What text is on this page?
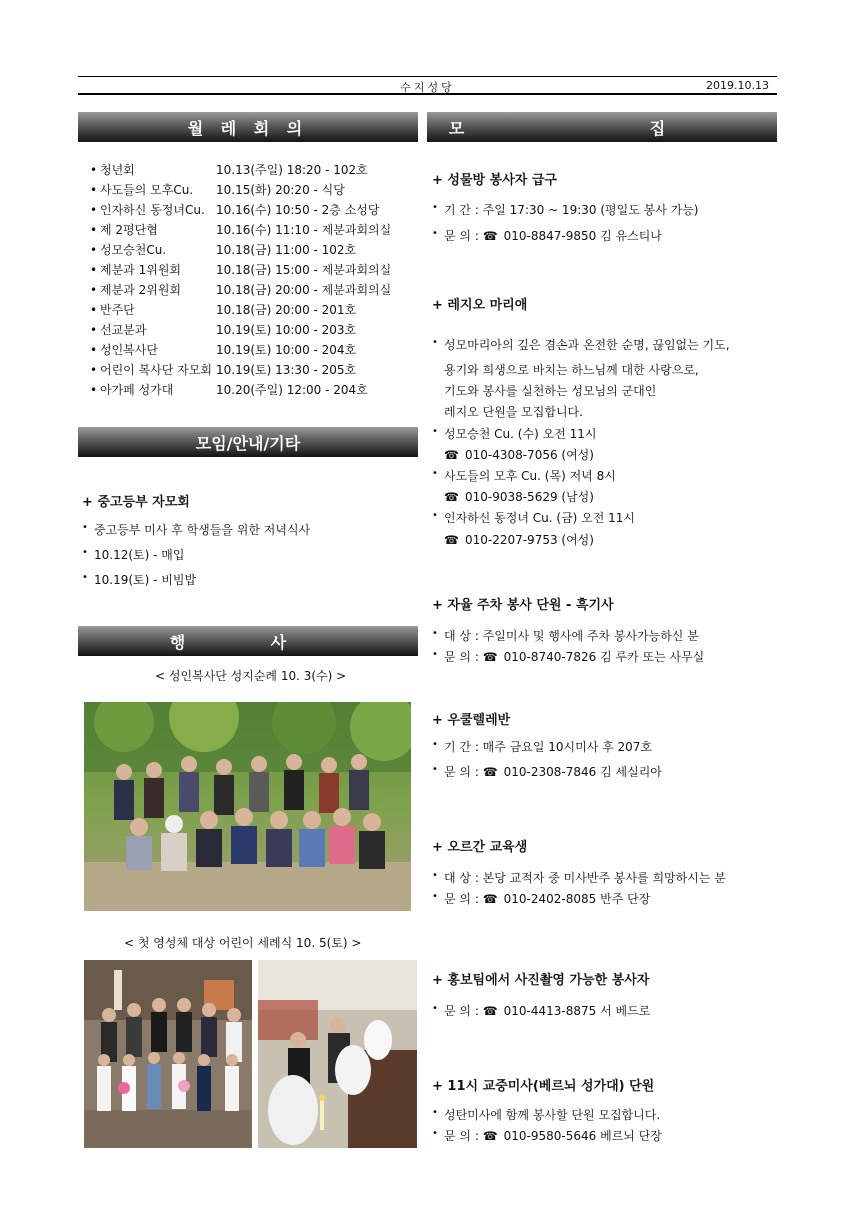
수지성당	2019.10.13
월 레 회 의
• 청년회	10.13(주일) 18:20 - 102호
• 사도들의 모후Cu. 10.15(화) 20:20 - 식당
• 인자하신 동정녀Cu. 10.16(수) 10:50 - 2층 소성당
• 제 2평단협	10.16(수) 11:10 - 제분과회의실
• 성모승천Cu.	10.18(금) 11:00 - 102호
• 제분과 1위원회	10.18(금) 15:00 - 제분과회의실
• 제분과 2위원회	10.18(금) 20:00 - 제분과회의실
• 반주단	10.18(금) 20:00 - 201호
• 선교분과	10.19(토) 10:00 - 203호
• 성인복사단	10.19(토) 10:00 - 204호
• 어린이 복사단 자모회 10.19(토) 13:30 - 205호
• 아가페 성가대	10.20(주일) 12:00 - 204호
모임/안내/기타
+ 중고등부 자모회
• 중고등부 미사 후 학생들을 위한 저녁식사
• 10.12(토) - 매입
• 10.19(토) - 비빔밥
행 사
< 성인복사단 성지순례 10. 3(수) >
< 첫 영성체 대상 어린이 세례식 10. 5(토) >
모 집
+ 성물방 봉사자 급구
• 기 간 : 주일 17:30 ~ 19:30 (평일도 봉사 가능)
• 문 의 : ☎ 010-8847-9850 김 유스티나
+ 레지오 마리애
• 성모마리아의 깊은 겸손과 온전한 순명, 끊임없는 기도,
용기와 희생으로 바치는 하느님께 대한 사랑으로,
기도와 봉사를 실천하는 성모님의 군대인
레지오 단원을 모집합니다.
• 성모승천 Cu. (수) 오전 11시
☎ 010-4308-7056 (여성)
• 사도들의 모후 Cu. (목) 저녁 8시
☎ 010-9038-5629 (남성)
• 인자하신 동정녀 Cu. (금) 오전 11시
☎ 010-2207-9753 (여성)
+ 자율 주차 봉사 단원 - 흑기사
• 대 상 : 주일미사 및 행사에 주차 봉사가능하신 분
• 문 의 : ☎ 010-8740-7826 김 루카 또는 사무실
+ 우쿨렐레반
• 기 간 : 매주 금요일 10시미사 후 207호
• 문 의 : ☎ 010-2308-7846 김 세실리아
+ 오르간 교육생
• 대 상 : 본당 교적자 중 미사반주 봉사를 희망하시는 분
• 문 의 : ☎ 010-2402-8085 반주 단장
+ 홍보팀에서 사진촬영 가능한 봉사자
• 문 의 : ☎ 010-4413-8875 서 베드로
+ 11시 교중미사(베르뇌 성가대) 단원
• 성탄미사에 함께 봉사할 단원 모집합니다.
• 문 의 : ☎ 010-9580-5646 베르뇌 단장
